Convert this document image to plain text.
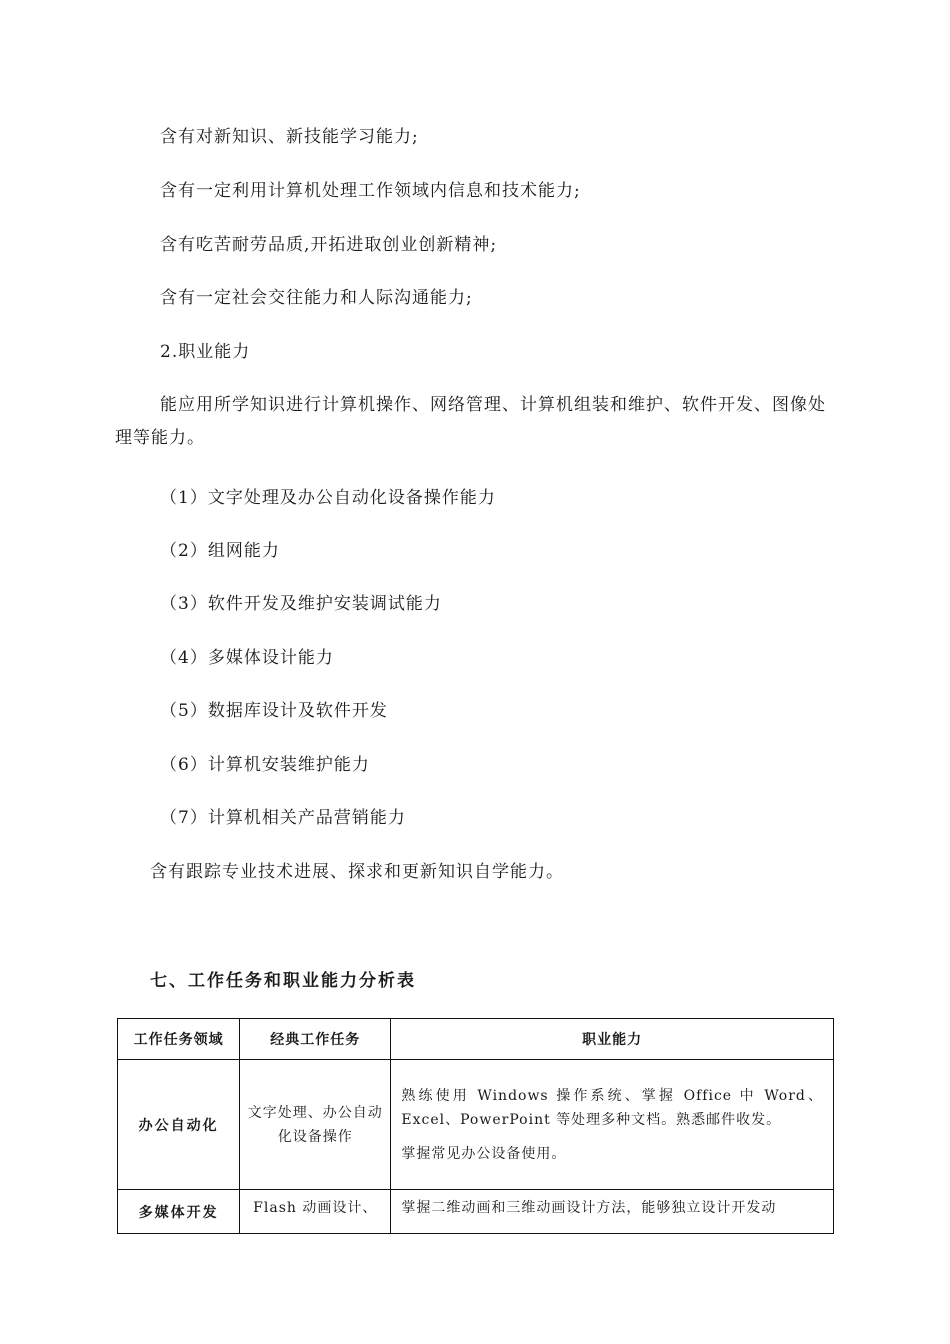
含有对新知识、新技能学习能力;
含有一定利用计算机处理工作领域内信息和技术能力;
含有吃苦耐劳品质,开拓进取创业创新精神;
含有一定社会交往能力和人际沟通能力;
2.职业能力
能应用所学知识进行计算机操作、网络管理、计算机组装和维护、软件开发、图像处理等能力。
（1）文字处理及办公自动化设备操作能力
（2）组网能力
（3）软件开发及维护安装调试能力
（4）多媒体设计能力
（5）数据库设计及软件开发
（6）计算机安装维护能力
（7）计算机相关产品营销能力
含有跟踪专业技术进展、探求和更新知识自学能力。
七、工作任务和职业能力分析表
工作任务领域	经典工作任务	职业能力
办公自动化	文字处理、办公自动化设备操作	熟练使用 Windows 操作系统、掌握 Office 中 Word、Excel、PowerPoint 等处理多种文档。熟悉邮件收发。

掌握常见办公设备使用。

多媒体开发	Flash 动画设计、	掌握二维动画和三维动画设计方法，能够独立设计开发动
